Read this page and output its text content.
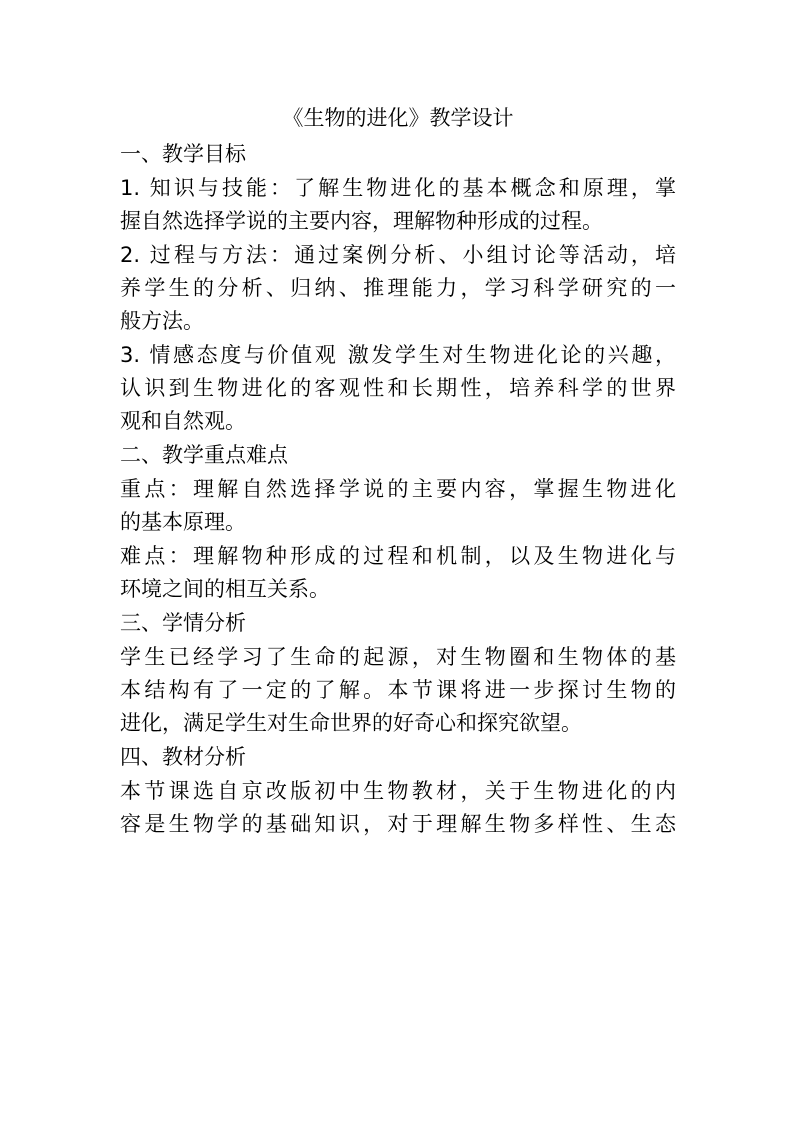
《生物的进化》教学设计
一、教学目标
1. 知识与技能：了解生物进化的基本概念和原理，掌
握自然选择学说的主要内容，理解物种形成的过程。
2. 过程与方法：通过案例分析、小组讨论等活动，培
养学生的分析、归纳、推理能力，学习科学研究的一
般方法。
3. 情感态度与价值观 激发学生对生物进化论的兴趣，
认识到生物进化的客观性和长期性，培养科学的世界
观和自然观。
二、教学重点难点
重点：理解自然选择学说的主要内容，掌握生物进化
的基本原理。
难点：理解物种形成的过程和机制，以及生物进化与
环境之间的相互关系。
三、学情分析
学生已经学习了生命的起源，对生物圈和生物体的基
本结构有了一定的了解。本节课将进一步探讨生物的
进化，满足学生对生命世界的好奇心和探究欲望。
四、教材分析
本节课选自京改版初中生物教材，关于生物进化的内
容是生物学的基础知识，对于理解生物多样性、生态
